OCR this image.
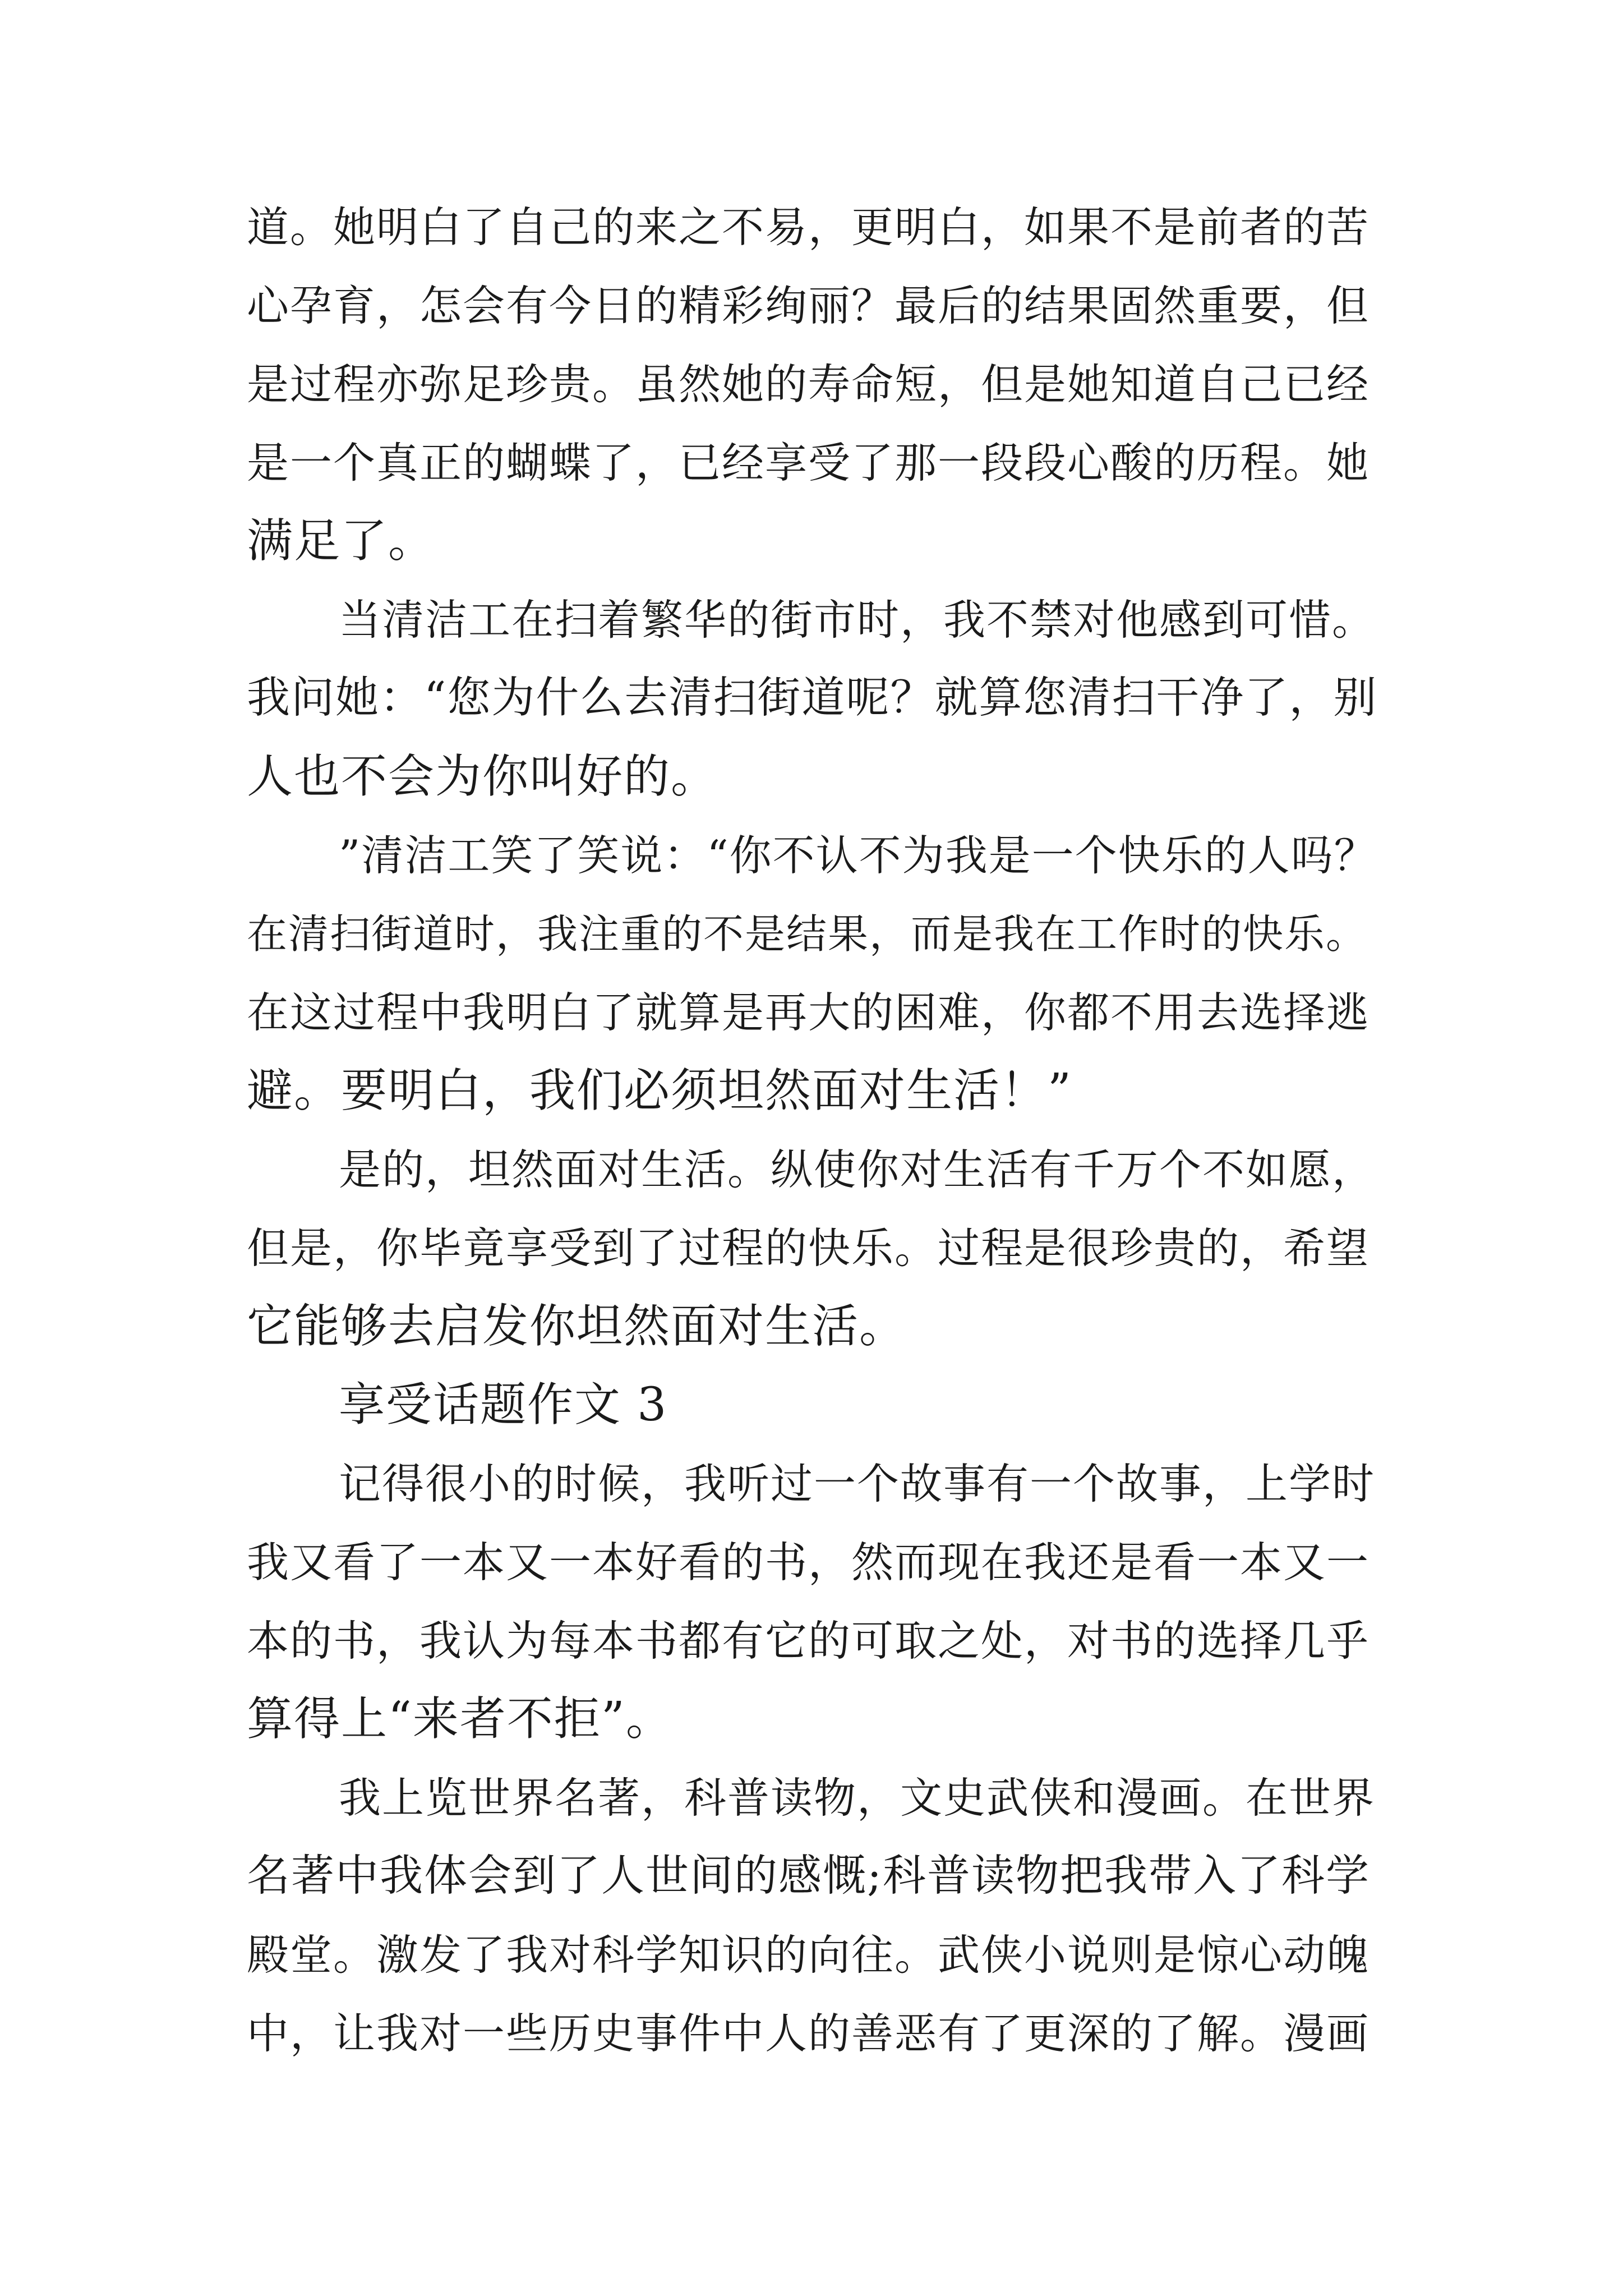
道。她明白了自己的来之不易，更明白，如果不是前者的苦
心孕育，怎会有今日的精彩绚丽？最后的结果固然重要，但
是过程亦弥足珍贵。虽然她的寿命短，但是她知道自己已经
是一个真正的蝴蝶了，已经享受了那一段段心酸的历程。她
满足了。
当清洁工在扫着繁华的街市时，我不禁对他感到可惜。
我问她：“您为什么去清扫街道呢？就算您清扫干净了，别
人也不会为你叫好的。
”清洁工笑了笑说：“你不认不为我是一个快乐的人吗？
在清扫街道时，我注重的不是结果，而是我在工作时的快乐。
在这过程中我明白了就算是再大的困难，你都不用去选择逃
避。要明白，我们必须坦然面对生活！”
是的，坦然面对生活。纵使你对生活有千万个不如愿，
但是，你毕竟享受到了过程的快乐。过程是很珍贵的，希望
它能够去启发你坦然面对生活。
享受话题作文 3
记得很小的时候，我听过一个故事有一个故事，上学时
我又看了一本又一本好看的书，然而现在我还是看一本又一
本的书，我认为每本书都有它的可取之处，对书的选择几乎
算得上“来者不拒”。
我上览世界名著，科普读物，文史武侠和漫画。在世界
名著中我体会到了人世间的感慨;科普读物把我带入了科学
殿堂。激发了我对科学知识的向往。武侠小说则是惊心动魄
中，让我对一些历史事件中人的善恶有了更深的了解。漫画
